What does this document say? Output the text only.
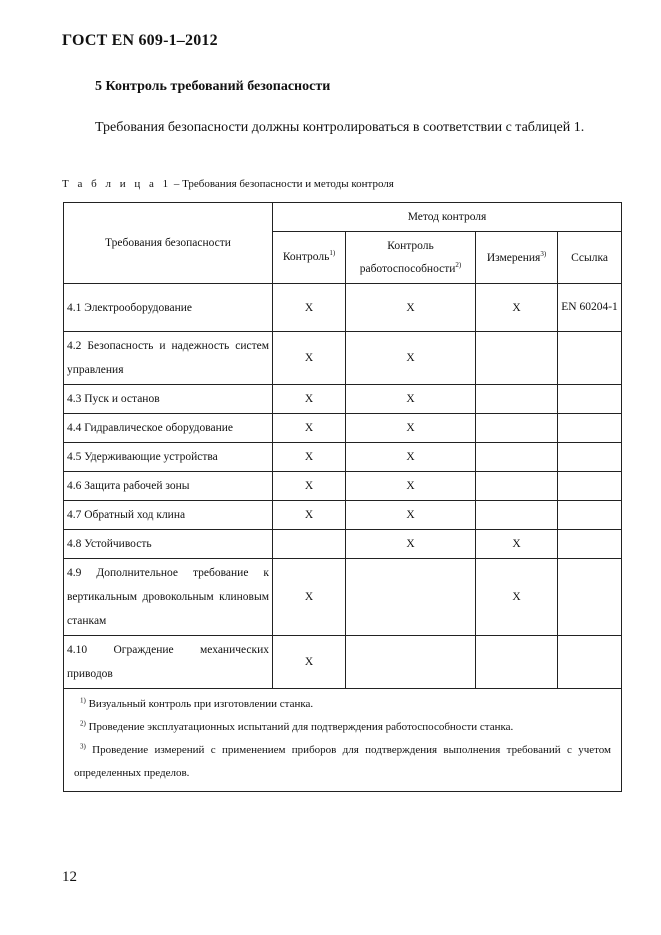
ГОСТ EN 609-1–2012
5 Контроль требований безопасности
Требования безопасности должны контролироваться в соответствии с таблицей 1.
Т а б л и ц а 1 – Требования безопасности и методы контроля
Требования безопасности	Метод контроля			
	Контроль$^{1)}$	Контроль работоспособности$^{2)}$	Измерения$^{3)}$	Ссылка
4.1 Электрооборудование	X	X	X	EN 60204-1
4.2 Безопасность и надежность систем управления	X	X		
4.3 Пуск и останов	X	X		
4.4 Гидравлическое оборудование	X	X		
4.5 Удерживающие устройства	X	X		
4.6 Защита рабочей зоны	X	X		
4.7 Обратный ход клина	X	X		
4.8 Устойчивость		X	X	
4.9 Дополнительное требование к вертикальным дровокольным клиновым станкам	X		X	
4.10 Ограждение механических приводов	X			

$^{1)}$ Визуальный контроль при изготовлении станка.
$^{2)}$ Проведение эксплуатационных испытаний для подтверждения работоспособности станка.
$^{3)}$ Проведение измерений с применением приборов для подтверждения выполнения требований с учетом определенных пределов.				
12
